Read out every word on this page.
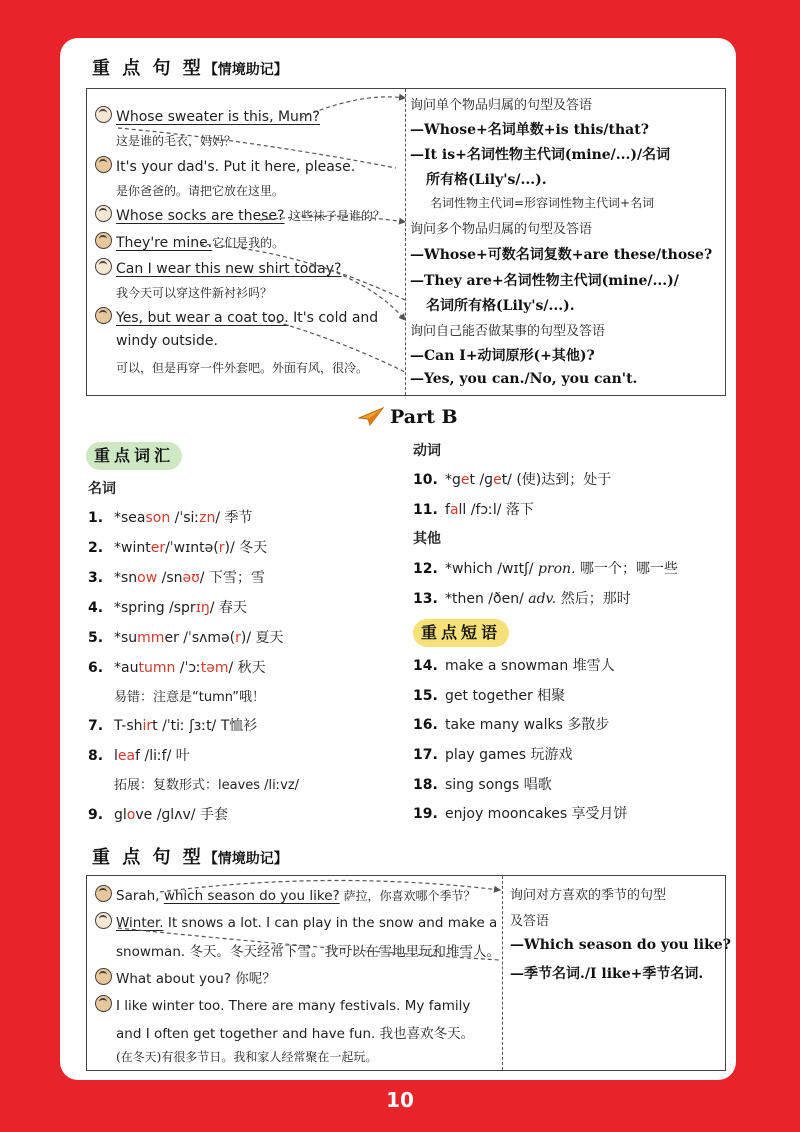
重 点 句 型【情境助记】
Whose sweater is this, Mum?
这是谁的毛衣，妈妈？
It's your dad's. Put it here, please.
是你爸爸的。请把它放在这里。
Whose socks are these? 这些袜子是谁的？
They're mine.它们是我的。
Can I wear this new shirt today?
我今天可以穿这件新衬衫吗？
Yes, but wear a coat too. It's cold and
windy outside.
可以，但是再穿一件外套吧。外面有风，很冷。
询问单个物品归属的句型及答语
—Whose+名词单数+is this/that?
—It is+名词性物主代词(mine/...)/名词
所有格(Lily's/...).
名词性物主代词=形容词性物主代词+名词
询问多个物品归属的句型及答语
—Whose+可数名词复数+are these/those?
—They are+名词性物主代词(mine/...)/
名词所有格(Lily's/...).
询问自己能否做某事的句型及答语
—Can I+动词原形(+其他)?
—Yes, you can./No, you can't.
Part B
重点词汇
名词
1. *season /ˈsiːzn/ 季节
2. *winter/ˈwɪntə(r)/ 冬天
3. *snow /snəʊ/ 下雪；雪
4. *spring /sprɪŋ/ 春天
5. *summer /ˈsʌmə(r)/ 夏天
6. *autumn /ˈɔːtəm/ 秋天
易错：注意是“tumn”哦！
7. T-shirt /ˈtiː ʃɜːt/ T恤衫
8. leaf /liːf/ 叶
拓展：复数形式：leaves /liːvz/
9. glove /ɡlʌv/ 手套
动词
10. *get /ɡet/ (使)达到；处于
11. fall /fɔːl/ 落下
其他
12. *which /wɪtʃ/ pron. 哪一个；哪一些
13. *then /ðen/ adv. 然后；那时
重点短语
14. make a snowman 堆雪人
15. get together 相聚
16. take many walks 多散步
17. play games 玩游戏
18. sing songs 唱歌
19. enjoy mooncakes 享受月饼
重 点 句 型【情境助记】
Sarah, which season do you like? 萨拉，你喜欢哪个季节？
Winter. It snows a lot. I can play in the snow and make a
snowman. 冬天。冬天经常下雪。我可以在雪地里玩和堆雪人。
What about you? 你呢？
I like winter too. There are many festivals. My family
and I often get together and have fun. 我也喜欢冬天。
(在冬天)有很多节日。我和家人经常聚在一起玩。
询问对方喜欢的季节的句型
及答语
—Which season do you like?
—季节名词./I like+季节名词.
10
